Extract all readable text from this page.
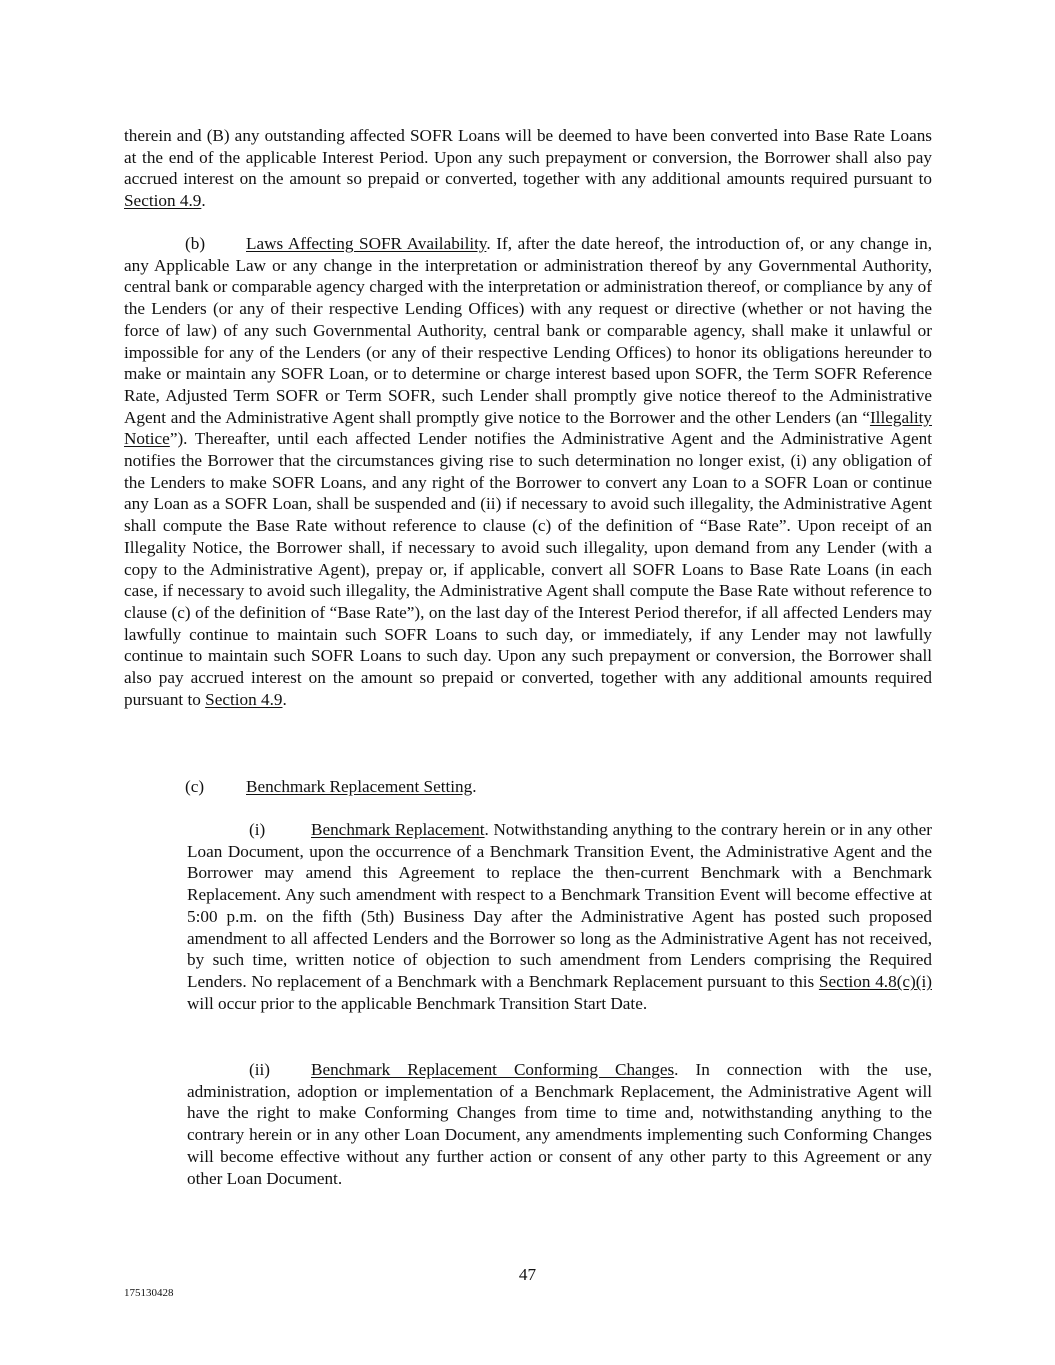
therein and (B) any outstanding affected SOFR Loans will be deemed to have been converted into Base Rate Loans at the end of the applicable Interest Period. Upon any such prepayment or conversion, the Borrower shall also pay accrued interest on the amount so prepaid or converted, together with any additional amounts required pursuant to Section 4.9.

(b) Laws Affecting SOFR Availability. If, after the date hereof, the introduction of, or any change in, any Applicable Law or any change in the interpretation or administration thereof by any Governmental Authority, central bank or comparable agency charged with the interpretation or administration thereof, or compliance by any of the Lenders (or any of their respective Lending Offices) with any request or directive (whether or not having the force of law) of any such Governmental Authority, central bank or comparable agency, shall make it unlawful or impossible for any of the Lenders (or any of their respective Lending Offices) to honor its obligations hereunder to make or maintain any SOFR Loan, or to determine or charge interest based upon SOFR, the Term SOFR Reference Rate, Adjusted Term SOFR or Term SOFR, such Lender shall promptly give notice thereof to the Administrative Agent and the Administrative Agent shall promptly give notice to the Borrower and the other Lenders (an “Illegality Notice”). Thereafter, until each affected Lender notifies the Administrative Agent and the Administrative Agent notifies the Borrower that the circumstances giving rise to such determination no longer exist, (i) any obligation of the Lenders to make SOFR Loans, and any right of the Borrower to convert any Loan to a SOFR Loan or continue any Loan as a SOFR Loan, shall be suspended and (ii) if necessary to avoid such illegality, the Administrative Agent shall compute the Base Rate without reference to clause (c) of the definition of “Base Rate”. Upon receipt of an Illegality Notice, the Borrower shall, if necessary to avoid such illegality, upon demand from any Lender (with a copy to the Administrative Agent), prepay or, if applicable, convert all SOFR Loans to Base Rate Loans (in each case, if necessary to avoid such illegality, the Administrative Agent shall compute the Base Rate without reference to clause (c) of the definition of “Base Rate”), on the last day of the Interest Period therefor, if all affected Lenders may lawfully continue to maintain such SOFR Loans to such day, or immediately, if any Lender may not lawfully continue to maintain such SOFR Loans to such day. Upon any such prepayment or conversion, the Borrower shall also pay accrued interest on the amount so prepaid or converted, together with any additional amounts required pursuant to Section 4.9.

(c) Benchmark Replacement Setting.

(i)	Benchmark Replacement. Notwithstanding anything to the contrary herein or in any other Loan Document, upon the occurrence of a Benchmark Transition Event, the Administrative Agent and the Borrower may amend this Agreement to replace the then-current Benchmark with a Benchmark Replacement. Any such amendment with respect to a Benchmark Transition Event will become effective at 5:00 p.m. on the fifth (5th) Business Day after the Administrative Agent has posted such proposed amendment to all affected Lenders and the Borrower so long as the Administrative Agent has not received, by such time, written notice of objection to such amendment from Lenders comprising the Required Lenders. No replacement of a Benchmark with a Benchmark Replacement pursuant to this Section 4.8(c)(i) will occur prior to the applicable Benchmark Transition Start Date.

(ii) Benchmark Replacement Conforming Changes. In connection with the use, administration, adoption or implementation of a Benchmark Replacement, the Administrative Agent will have the right to make Conforming Changes from time to time and, notwithstanding anything to the contrary herein or in any other Loan Document, any amendments implementing such Conforming Changes will become effective without any further action or consent of any other party to this Agreement or any other Loan Document.

47
175130428
